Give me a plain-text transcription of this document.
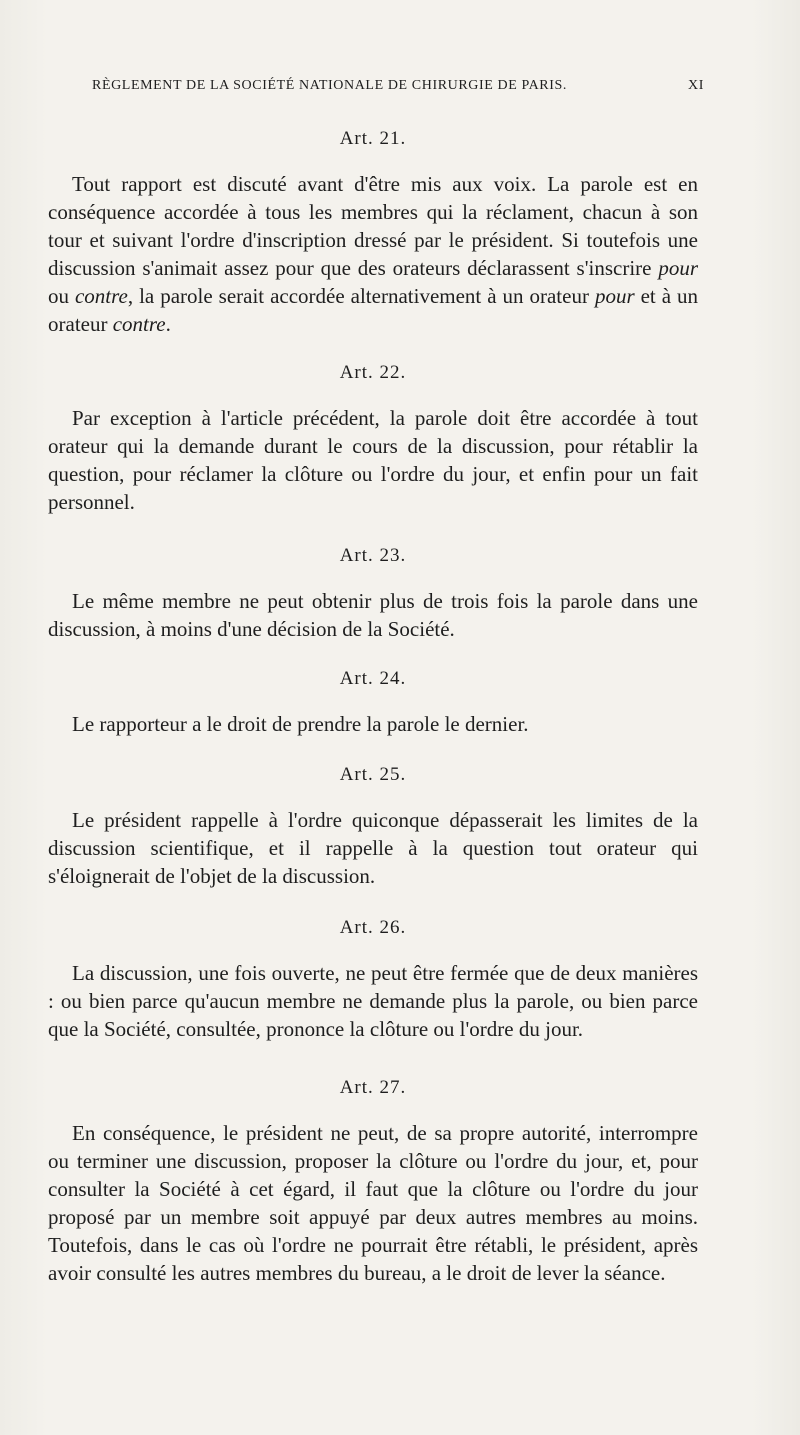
RÈGLEMENT DE LA SOCIÉTÉ NATIONALE DE CHIRURGIE DE PARIS.	XI

Art. 21.

Tout rapport est discuté avant d'être mis aux voix. La parole est en conséquence accordée à tous les membres qui la réclament, chacun à son tour et suivant l'ordre d'inscription dressé par le président. Si toutefois une discussion s'animait assez pour que des orateurs déclarassent s'inscrire pour ou contre, la parole serait accordée alternativement à un orateur pour et à un orateur contre.

Art. 22.

Par exception à l'article précédent, la parole doit être accordée à tout orateur qui la demande durant le cours de la discussion, pour rétablir la question, pour réclamer la clôture ou l'ordre du jour, et enfin pour un fait personnel.

Art. 23.

Le même membre ne peut obtenir plus de trois fois la parole dans une discussion, à moins d'une décision de la Société.

Art. 24.

Le rapporteur a le droit de prendre la parole le dernier.

Art. 25.

Le président rappelle à l'ordre quiconque dépasserait les limites de la discussion scientifique, et il rappelle à la question tout orateur qui s'éloignerait de l'objet de la discussion.

Art. 26.

La discussion, une fois ouverte, ne peut être fermée que de deux manières : ou bien parce qu'aucun membre ne demande plus la parole, ou bien parce que la Société, consultée, prononce la clôture ou l'ordre du jour.

Art. 27.

En conséquence, le président ne peut, de sa propre autorité, interrompre ou terminer une discussion, proposer la clôture ou l'ordre du jour, et, pour consulter la Société à cet égard, il faut que la clôture ou l'ordre du jour proposé par un membre soit appuyé par deux autres membres au moins. Toutefois, dans le cas où l'ordre ne pourrait être rétabli, le président, après avoir consulté les autres membres du bureau, a le droit de lever la séance.
